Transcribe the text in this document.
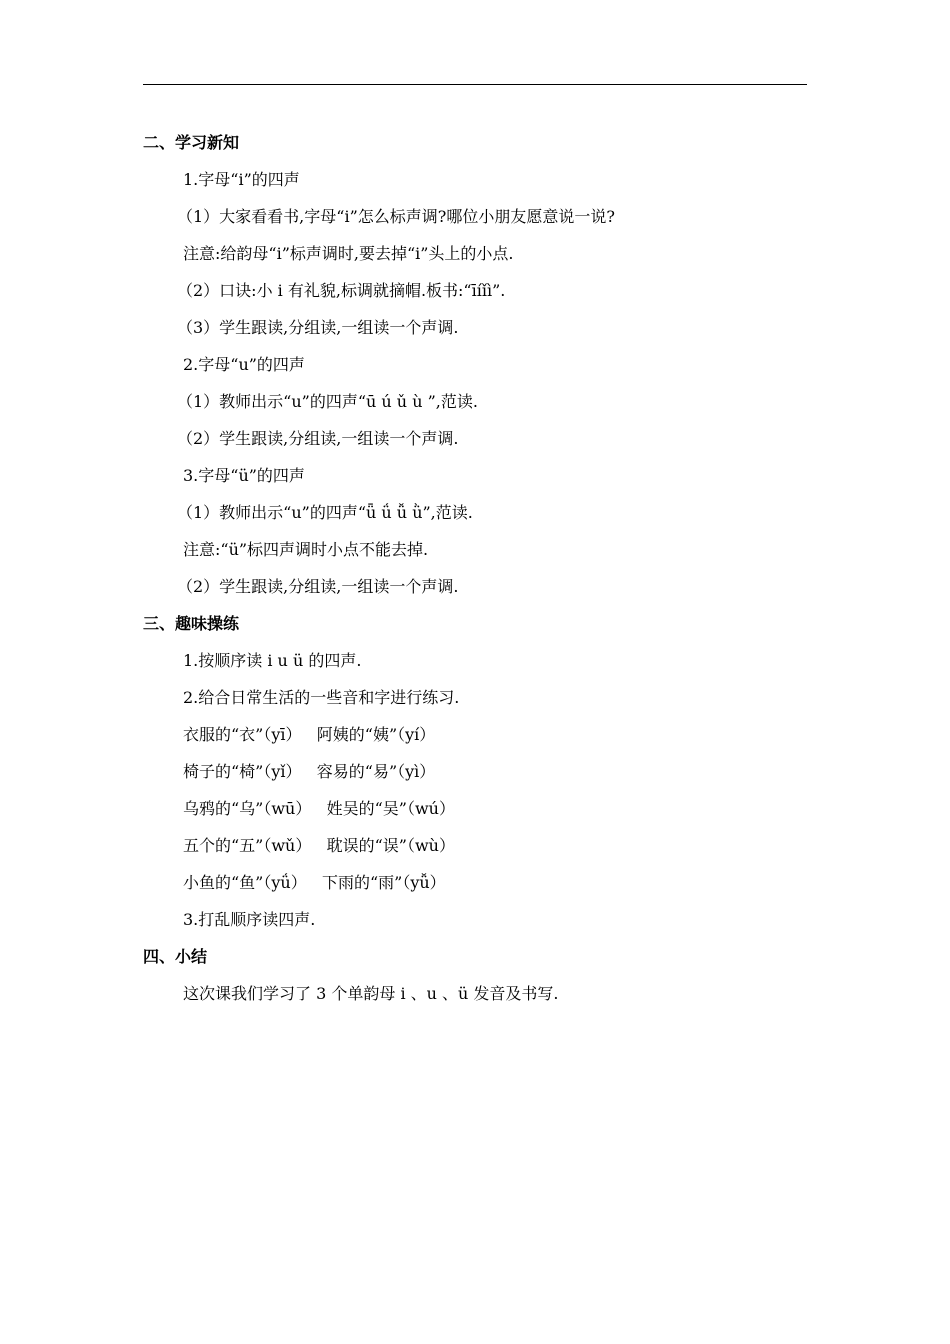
二、学习新知
1.字母“i”的四声
（1）大家看看书,字母“i”怎么标声调?哪位小朋友愿意说一说?
注意:给韵母“i”标声调时,要去掉“i”头上的小点.
（2）口诀:小 i 有礼貌,标调就摘帽.板书:“īíǐì”.
（3）学生跟读,分组读,一组读一个声调.
2.字母“u”的四声
（1）教师出示“u”的四声“ū ú ǔ ù ”,范读.
（2）学生跟读,分组读,一组读一个声调.
3.字母“ü”的四声
（1）教师出示“u”的四声“ǖ ǘ ǚ ǜ”,范读.
注意:“ü”标四声调时小点不能去掉.
（2）学生跟读,分组读,一组读一个声调.
三、趣味操练
1.按顺序读 i u ü 的四声.
2.给合日常生活的一些音和字进行练习.
衣服的“衣”（yī）   阿姨的“姨”（yí）
椅子的“椅”（yǐ）   容易的“易”（yì）
乌鸦的“乌”（wū）   姓吴的“吴”（wú）
五个的“五”（wǔ）   耽误的“误”（wù）
小鱼的“鱼”（yǘ）   下雨的“雨”（yǚ）
3.打乱顺序读四声.
四、小结
这次课我们学习了 3 个单韵母 i 、u 、ü 发音及书写.
